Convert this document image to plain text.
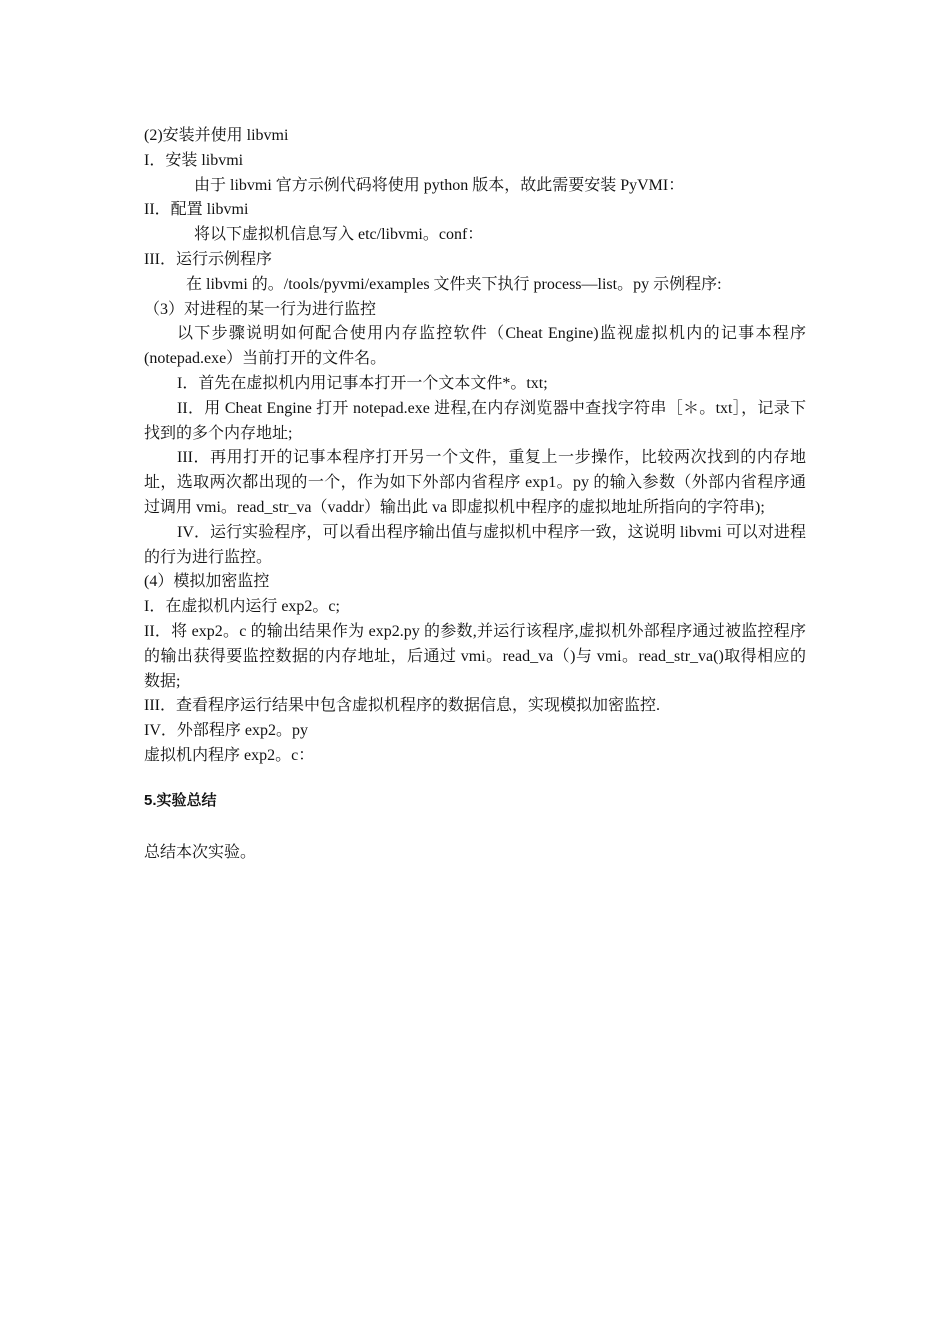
(2)安装并使用 libvmi

I．安装 libvmi

由于 libvmi 官方示例代码将使用 python 版本，故此需要安装 PyVMI：

II．配置 libvmi

将以下虚拟机信息写入 etc/libvmi。conf：

III．运行示例程序

在 libvmi 的。/tools/pyvmi/examples 文件夹下执行 process—list。py 示例程序:

（3）对进程的某一行为进行监控

以下步骤说明如何配合使用内存监控软件（Cheat Engine)监视虚拟机内的记事本程序(notepad.exe）当前打开的文件名。

I．首先在虚拟机内用记事本打开一个文本文件*。txt;

II．用 Cheat Engine 打开 notepad.exe 进程,在内存浏览器中查找字符串［＊。txt］，记录下找到的多个内存地址;

III．再用打开的记事本程序打开另一个文件，重复上一步操作，比较两次找到的内存地址，选取两次都出现的一个，作为如下外部内省程序 exp1。py 的输入参数（外部内省程序通过调用 vmi。read_str_va（vaddr）输出此 va 即虚拟机中程序的虚拟地址所指向的字符串);

IV．运行实验程序，可以看出程序输出值与虚拟机中程序一致，这说明 libvmi 可以对进程的行为进行监控。

(4）模拟加密监控

I．在虚拟机内运行 exp2。c;

II．将 exp2。c 的输出结果作为 exp2.py 的参数,并运行该程序,虚拟机外部程序通过被监控程序的输出获得要监控数据的内存地址，后通过 vmi。read_va（)与 vmi。read_str_va()取得相应的数据;

III．查看程序运行结果中包含虚拟机程序的数据信息，实现模拟加密监控.

IV．外部程序 exp2。py

虚拟机内程序 exp2。c：

5.实验总结

总结本次实验。
